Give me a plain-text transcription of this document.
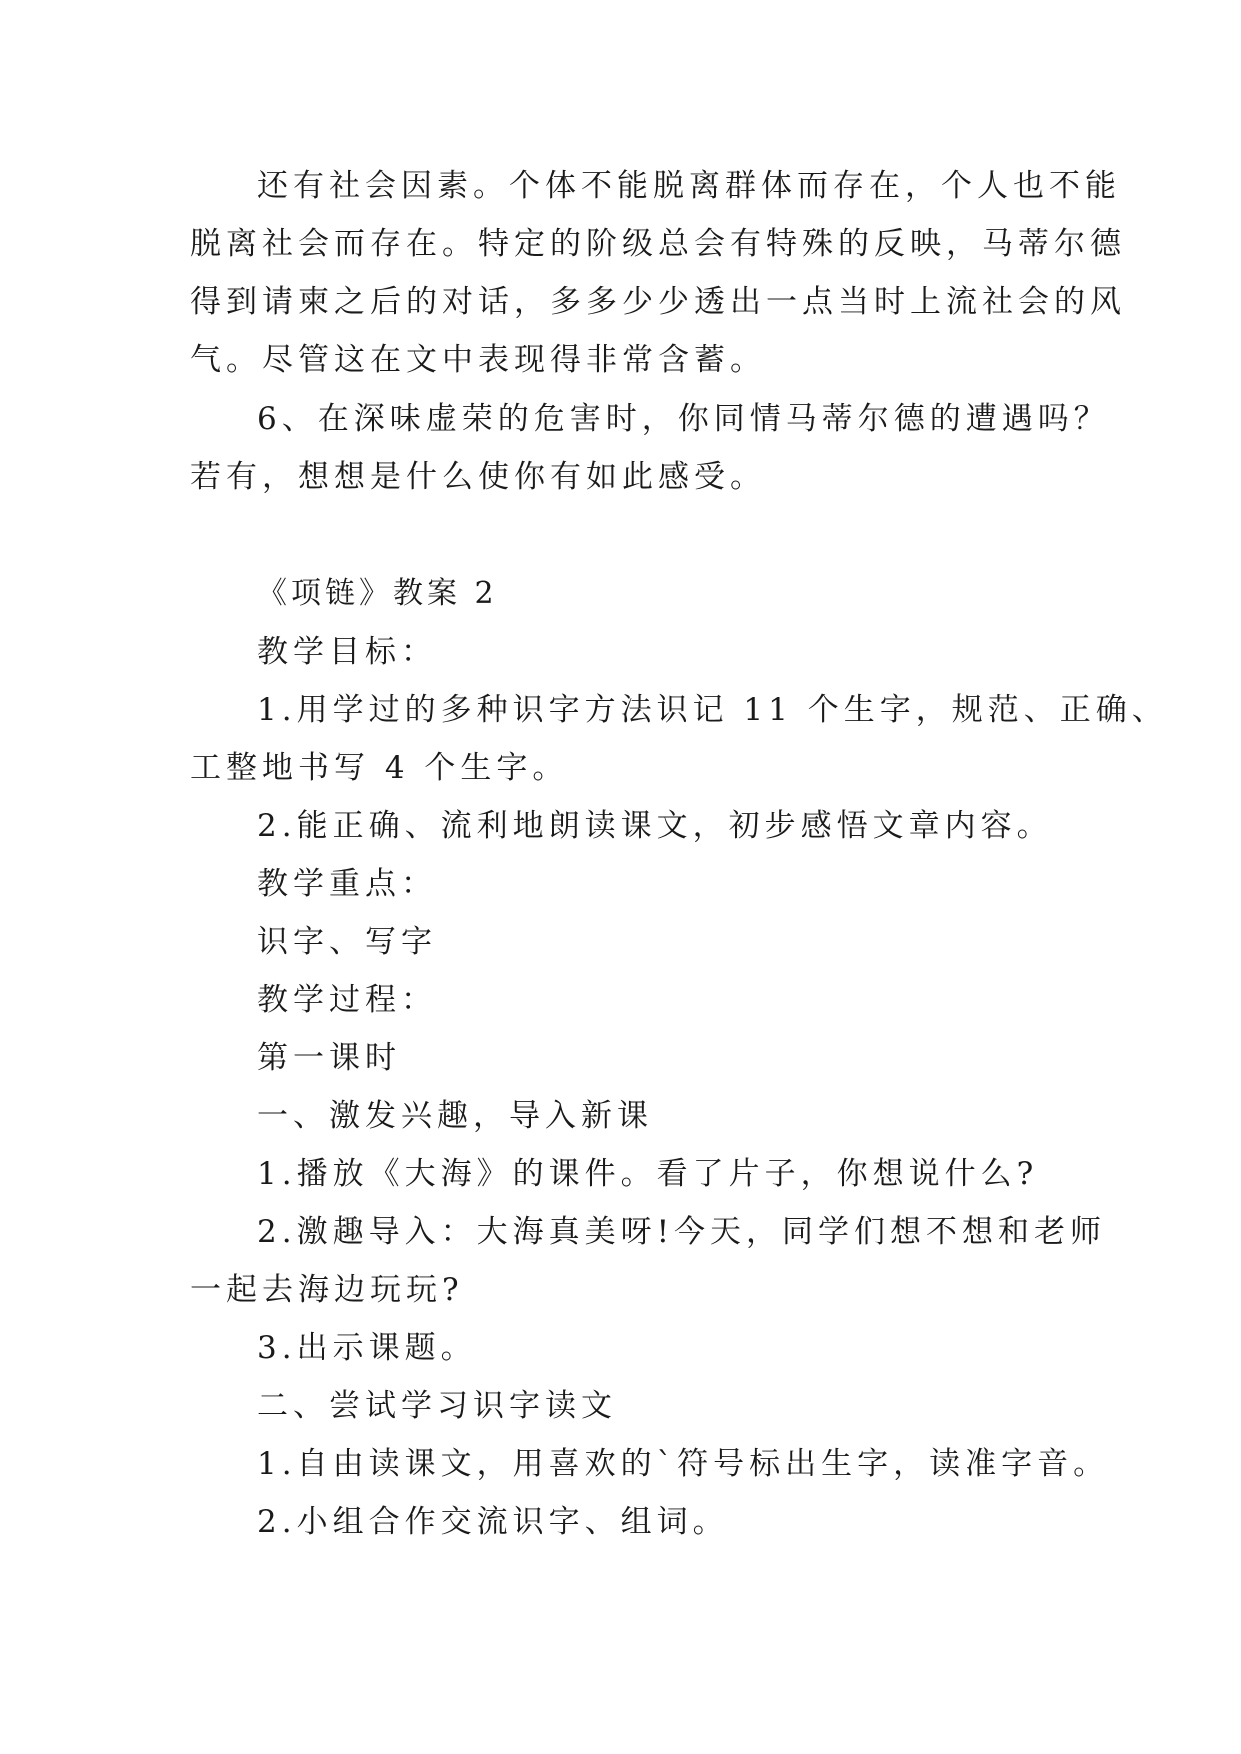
还有社会因素。个体不能脱离群体而存在，个人也不能
脱离社会而存在。特定的阶级总会有特殊的反映，马蒂尔德
得到请柬之后的对话，多多少少透出一点当时上流社会的风
气。尽管这在文中表现得非常含蓄。
6、在深味虚荣的危害时，你同情马蒂尔德的遭遇吗？
若有，想想是什么使你有如此感受。
《项链》教案 2
教学目标：
1.用学过的多种识字方法识记 11 个生字，规范、正确、
工整地书写 4 个生字。
2.能正确、流利地朗读课文，初步感悟文章内容。
教学重点：
识字、写字
教学过程：
第一课时
一、激发兴趣，导入新课
1.播放《大海》的课件。看了片子，你想说什么?
2.激趣导入：大海真美呀!今天，同学们想不想和老师
一起去海边玩玩?
3.出示课题。
二、尝试学习识字读文
1.自由读课文，用喜欢的`符号标出生字，读准字音。
2.小组合作交流识字、组词。
